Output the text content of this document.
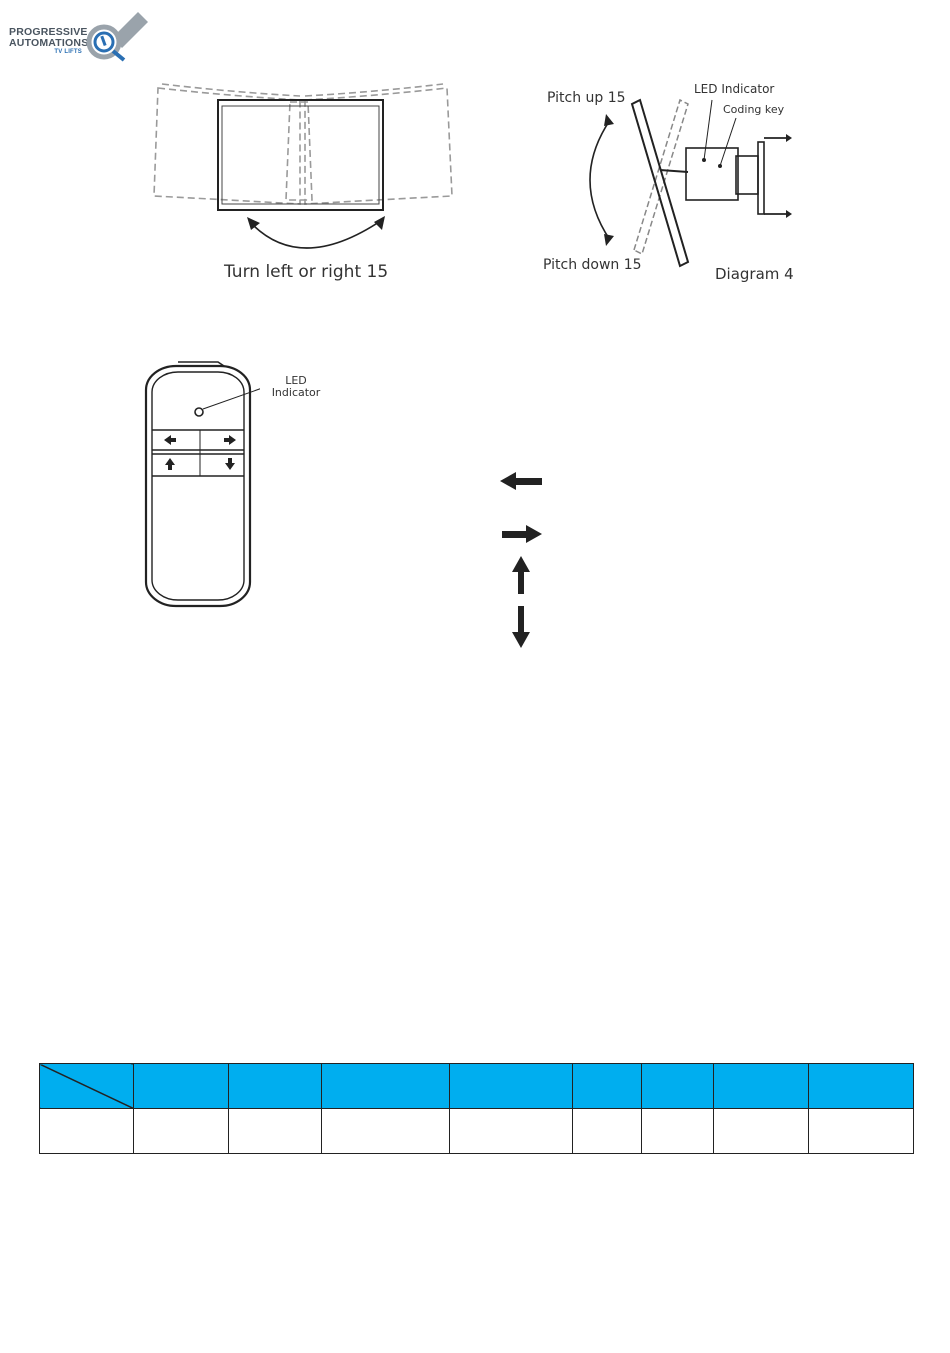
PROGRESSIVE
AUTOMATIONS
TV LIFTS
Turn left or right 15
Pitch up 15
Pitch down 15
LED Indicator
Coding key
Diagram 4
LED
Indicator
